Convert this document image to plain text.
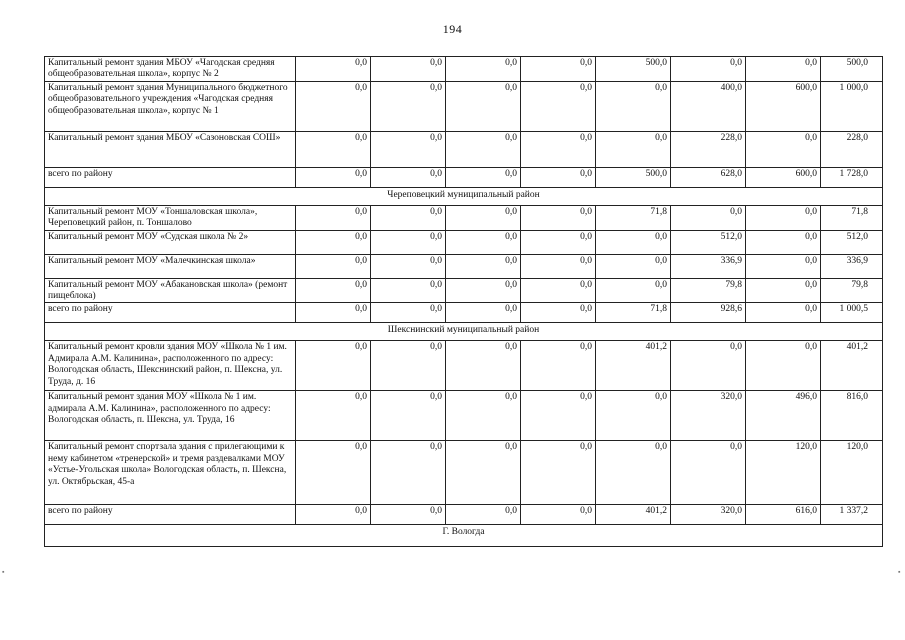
194
Капитальный ремонт здания МБОУ «Чагодская средняя общеобразовательная школа», корпус № 2	0,0	0,0	0,0	0,0	500,0	0,0	0,0	500,0
Капитальный ремонт здания Муниципального бюджетного общеобразовательного учреждения «Чагодская средняя общеобразовательная школа», корпус № 1	0,0	0,0	0,0	0,0	0,0	400,0	600,0	1 000,0
Капитальный ремонт здания МБОУ «Сазоновская СОШ»	0,0	0,0	0,0	0,0	0,0	228,0	0,0	228,0
всего по району	0,0	0,0	0,0	0,0	500,0	628,0	600,0	1 728,0
Череповецкий муниципальный район								
Капитальный ремонт МОУ «Тоншаловская школа», Череповецкий район, п. Тоншалово	0,0	0,0	0,0	0,0	71,8	0,0	0,0	71,8
Капитальный ремонт МОУ «Судская школа № 2»	0,0	0,0	0,0	0,0	0,0	512,0	0,0	512,0
Капитальный ремонт МОУ «Малечкинская школа»	0,0	0,0	0,0	0,0	0,0	336,9	0,0	336,9
Капитальный ремонт МОУ «Абакановская школа» (ремонт пищеблока)	0,0	0,0	0,0	0,0	0,0	79,8	0,0	79,8
всего по району	0,0	0,0	0,0	0,0	71,8	928,6	0,0	1 000,5
Шекснинский муниципальный район								
Капитальный ремонт кровли здания МОУ «Школа № 1 им. Адмирала А.М. Калинина», расположенного по адресу: Вологодская область, Шекснинский район, п. Шексна, ул. Труда, д. 16	0,0	0,0	0,0	0,0	401,2	0,0	0,0	401,2
Капитальный ремонт здания МОУ «Школа № 1 им. адмирала А.М. Калинина», расположенного по адресу: Вологодская область, п. Шексна, ул. Труда, 16	0,0	0,0	0,0	0,0	0,0	320,0	496,0	816,0
Капитальный ремонт спортзала здания с прилегающими к нему кабинетом «тренерской» и тремя раздевалками МОУ «Устье-Угольская школа» Вологодская область, п. Шексна, ул. Октябрьская, 45-а	0,0	0,0	0,0	0,0	0,0	0,0	120,0	120,0
всего по району	0,0	0,0	0,0	0,0	401,2	320,0	616,0	1 337,2
Г. Вологда								
▪	▪
